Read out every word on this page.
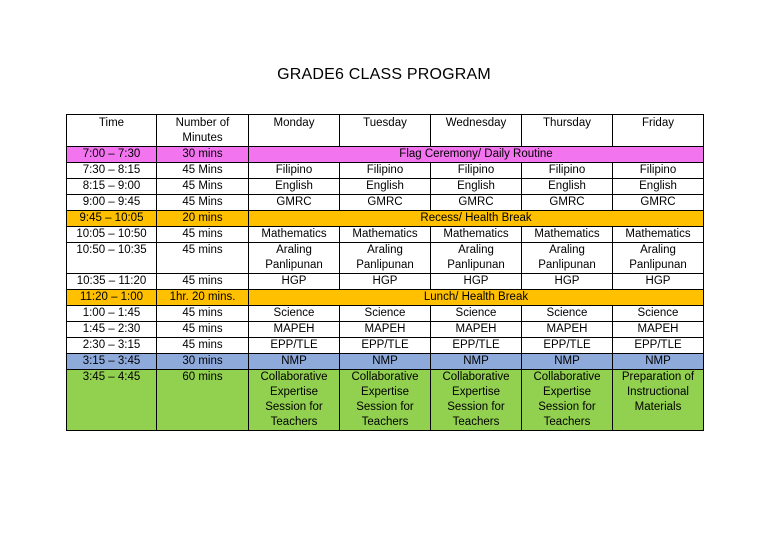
GRADE6 CLASS PROGRAM
Time	Number of Minutes	Monday	Tuesday	Wednesday	Thursday	Friday
7:00 – 7:30	30 mins	Flag Ceremony/ Daily Routine				
7:30 – 8:15	45 Mins	Filipino	Filipino	Filipino	Filipino	Filipino
8:15 – 9:00	45 Mins	English	English	English	English	English
9:00 – 9:45	45 Mins	GMRC	GMRC	GMRC	GMRC	GMRC
9:45 – 10:05	20 mins	Recess/ Health Break				
10:05 – 10:50	45 mins	Mathematics	Mathematics	Mathematics	Mathematics	Mathematics
10:50 – 10:35	45 mins	Araling Panlipunan	Araling Panlipunan	Araling Panlipunan	Araling Panlipunan	Araling Panlipunan
10:35 – 11:20	45 mins	HGP	HGP	HGP	HGP	HGP
11:20 – 1:00	1hr. 20 mins.	Lunch/ Health Break				
1:00 – 1:45	45 mins	Science	Science	Science	Science	Science
1:45 – 2:30	45 mins	MAPEH	MAPEH	MAPEH	MAPEH	MAPEH
2:30 – 3:15	45 mins	EPP/TLE	EPP/TLE	EPP/TLE	EPP/TLE	EPP/TLE
3:15 – 3:45	30 mins	NMP	NMP	NMP	NMP	NMP
3:45 – 4:45	60 mins	Collaborative Expertise Session for Teachers	Collaborative Expertise Session for Teachers	Collaborative Expertise Session for Teachers	Collaborative Expertise Session for Teachers	Preparation of Instructional Materials
